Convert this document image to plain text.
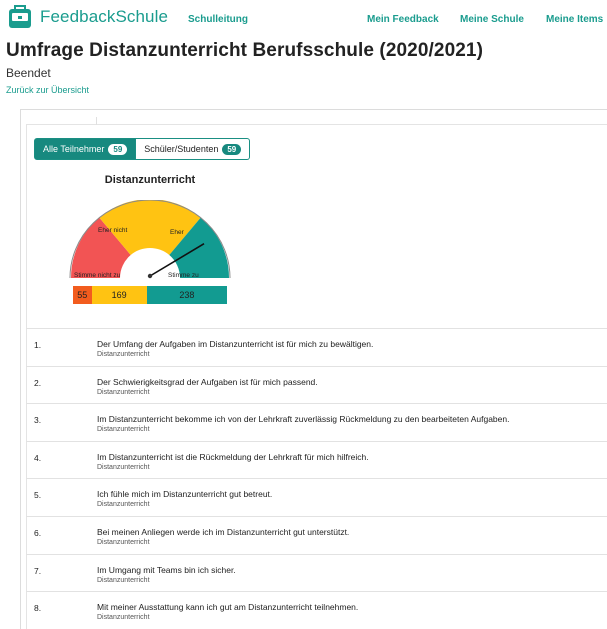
FeedbackSchule Schulleitung	Mein Feedback Meine Schule Meine Items
Umfrage Distanzunterricht Berufsschule (2020/2021)
Beendet
Zurück zur Übersicht
Alle Teilnehmer	59	Schüler/Studenten	59
Distanzunterricht
Eher nicht	Eher
Stimme nicht zu	Stimme zu
55	169	238
1.	Der Umfang der Aufgaben im Distanzunterricht ist für mich zu bewältigen.
Distanzunterricht
2.	Der Schwierigkeitsgrad der Aufgaben ist für mich passend.
Distanzunterricht
3.	Im Distanzunterricht bekomme ich von der Lehrkraft zuverlässig Rückmeldung zu den bearbeiteten Aufgaben.
Distanzunterricht
4.	Im Distanzunterricht ist die Rückmeldung der Lehrkraft für mich hilfreich.
Distanzunterricht
5.	Ich fühle mich im Distanzunterricht gut betreut.
Distanzunterricht
6.	Bei meinen Anliegen werde ich im Distanzunterricht gut unterstützt.
Distanzunterricht
7.	Im Umgang mit Teams bin ich sicher.
Distanzunterricht
8.	Mit meiner Ausstattung kann ich gut am Distanzunterricht teilnehmen.
Distanzunterricht
